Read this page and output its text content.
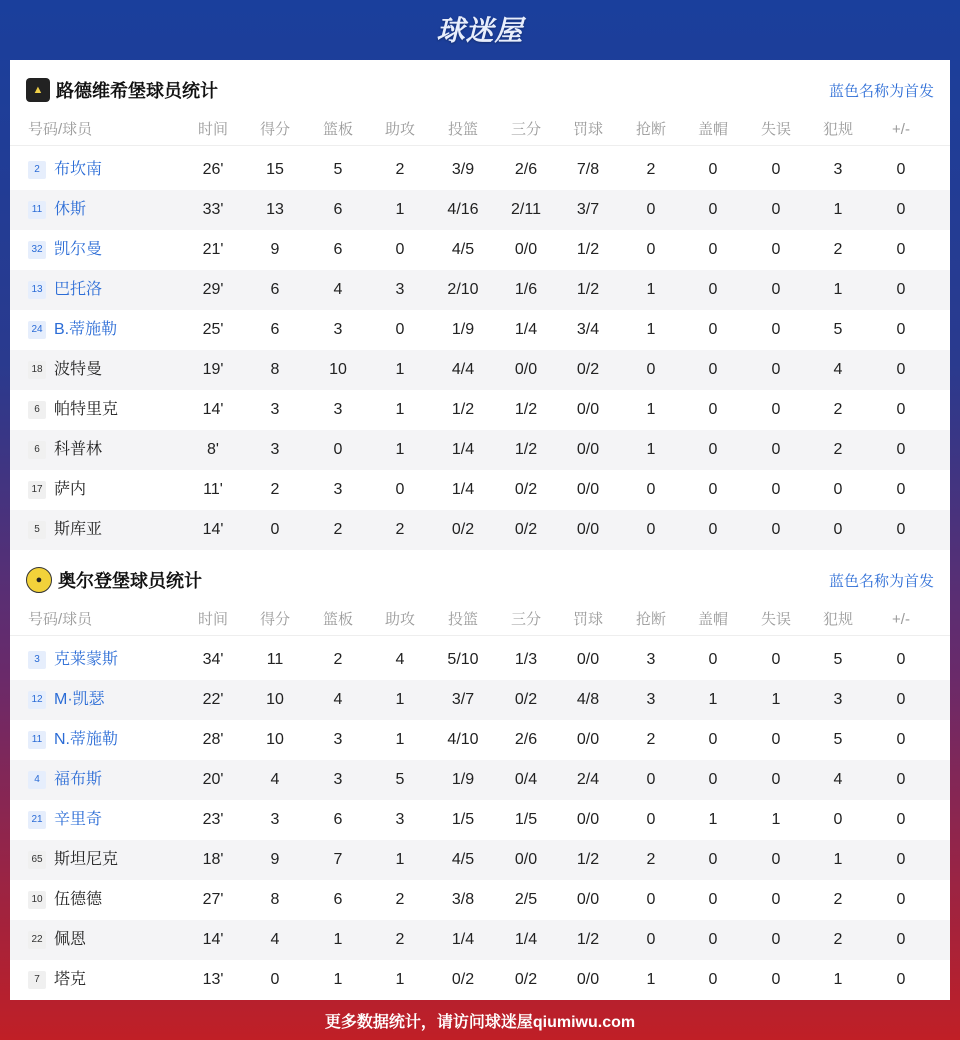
球迷屋
▲ 路德维希堡球员统计	蓝色名称为首发
号码/球员	时间	得分	篮板	助攻	投篮	三分	罚球	抢断	盖帽	失误	犯规	+/-
2 布坎南	26'	15	5	2	3/9	2/6	7/8	2	0	0	3	0
11 休斯	33'	13	6	1	4/16	2/11	3/7	0	0	0	1	0
32 凯尔曼	21'	9	6	0	4/5	0/0	1/2	0	0	0	2	0
13 巴托洛	29'	6	4	3	2/10	1/6	1/2	1	0	0	1	0
24 B.蒂施勒	25'	6	3	0	1/9	1/4	3/4	1	0	0	5	0
18 波特曼	19'	8	10	1	4/4	0/0	0/2	0	0	0	4	0
6 帕特里克	14'	3	3	1	1/2	1/2	0/0	1	0	0	2	0
6 科普林	8'	3	0	1	1/4	1/2	0/0	1	0	0	2	0
17 萨内	11'	2	3	0	1/4	0/2	0/0	0	0	0	0	0
5 斯库亚	14'	0	2	2	0/2	0/2	0/0	0	0	0	0	0
● 奥尔登堡球员统计	蓝色名称为首发
号码/球员	时间	得分	篮板	助攻	投篮	三分	罚球	抢断	盖帽	失误	犯规	+/-
3 克莱蒙斯	34'	11	2	4	5/10	1/3	0/0	3	0	0	5	0
12 M·凯瑟	22'	10	4	1	3/7	0/2	4/8	3	1	1	3	0
11 N.蒂施勒	28'	10	3	1	4/10	2/6	0/0	2	0	0	5	0
4 福布斯	20'	4	3	5	1/9	0/4	2/4	0	0	0	4	0
21 辛里奇	23'	3	6	3	1/5	1/5	0/0	0	1	1	0	0
65 斯坦尼克	18'	9	7	1	4/5	0/0	1/2	2	0	0	1	0
10 伍德德	27'	8	6	2	3/8	2/5	0/0	0	0	0	2	0
22 佩恩	14'	4	1	2	1/4	1/4	1/2	0	0	0	2	0
7 塔克	13'	0	1	1	0/2	0/2	0/0	1	0	0	1	0
更多数据统计，请访问球迷屋qiumiwu.com
